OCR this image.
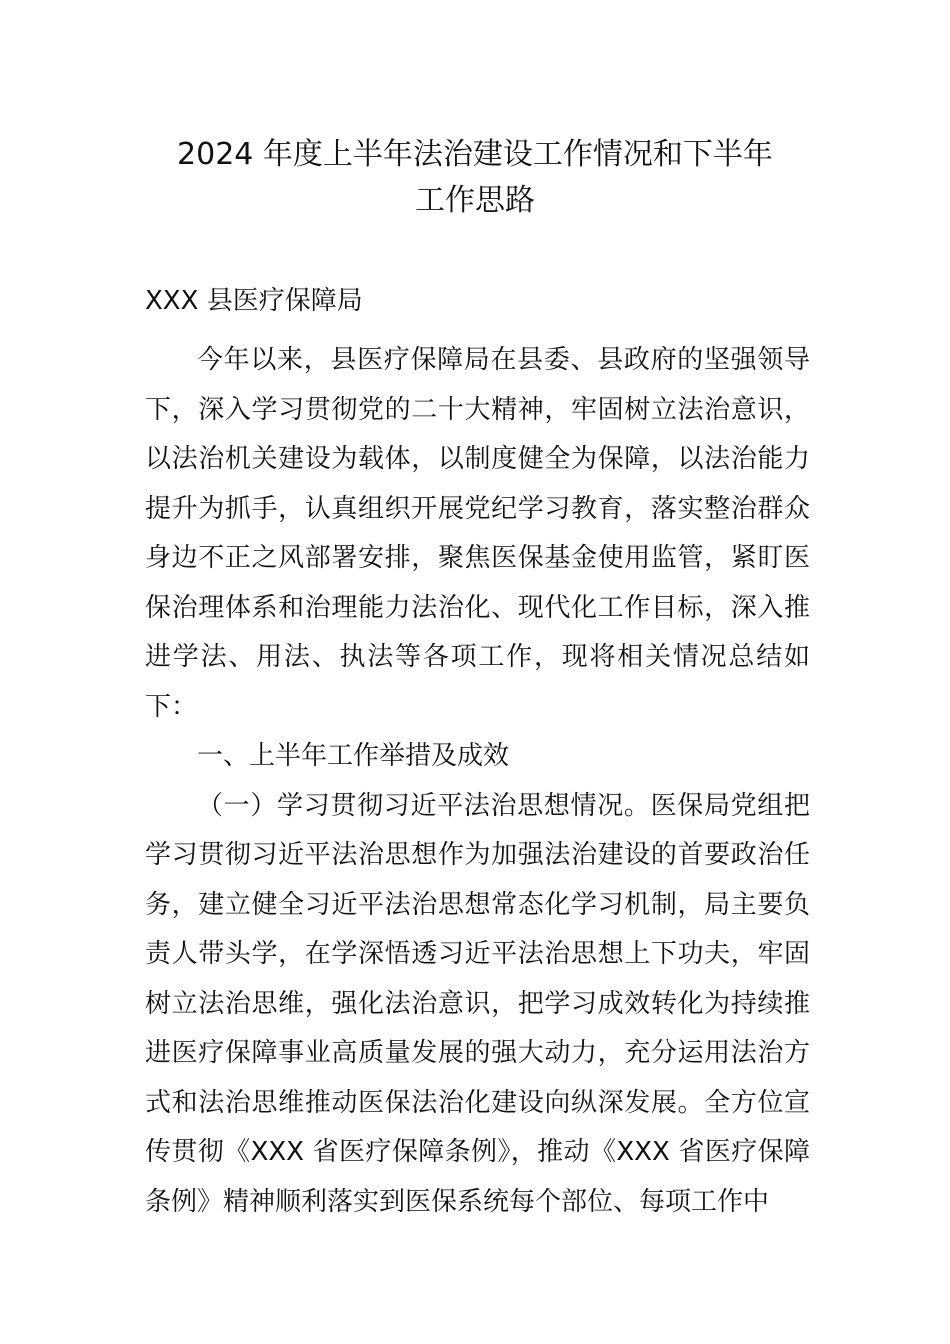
2024 年度上半年法治建设工作情况和下半年
工作思路
XXX 县医疗保障局

今年以来，县医疗保障局在县委、县政府的坚强领导下，深入学习贯彻党的二十大精神，牢固树立法治意识，以法治机关建设为载体，以制度健全为保障，以法治能力提升为抓手，认真组织开展党纪学习教育，落实整治群众身边不正之风部署安排，聚焦医保基金使用监管，紧盯医保治理体系和治理能力法治化、现代化工作目标，深入推进学法、用法、执法等各项工作，现将相关情况总结如下：

一、上半年工作举措及成效

（一）学习贯彻习近平法治思想情况。医保局党组把学习贯彻习近平法治思想作为加强法治建设的首要政治任务，建立健全习近平法治思想常态化学习机制，局主要负责人带头学，在学深悟透习近平法治思想上下功夫，牢固树立法治思维，强化法治意识，把学习成效转化为持续推进医疗保障事业高质量发展的强大动力，充分运用法治方式和法治思维推动医保法治化建设向纵深发展。全方位宣传贯彻《XXX 省医疗保障条例》，推动《XXX 省医疗保障条例》精神顺利落实到医保系统每个部位、每项工作中
